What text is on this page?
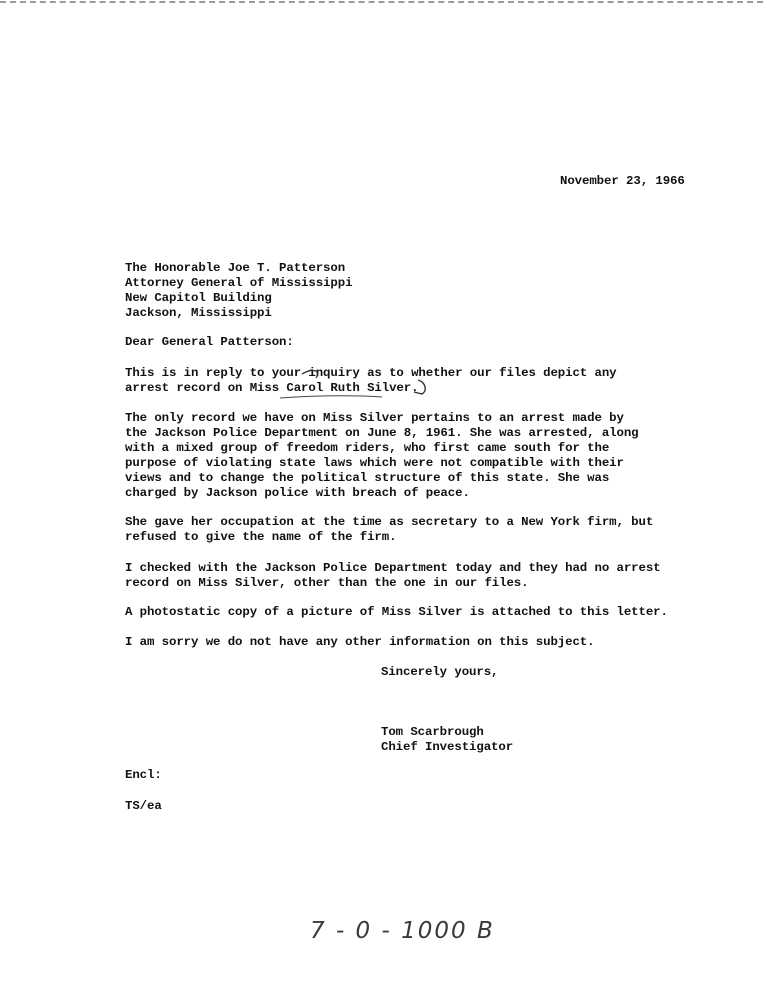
November 23, 1966
The Honorable Joe T. Patterson
Attorney General of Mississippi
New Capitol Building
Jackson, Mississippi
Dear General Patterson:
This is in reply to your inquiry as to whether our files depict any
arrest record on Miss Carol Ruth Silver.
The only record we have on Miss Silver pertains to an arrest made by
the Jackson Police Department on June 8, 1961. She was arrested, along
with a mixed group of freedom riders, who first came south for the
purpose of violating state laws which were not compatible with their
views and to change the political structure of this state. She was
charged by Jackson police with breach of peace.
She gave her occupation at the time as secretary to a New York firm, but
refused to give the name of the firm.
I checked with the Jackson Police Department today and they had no arrest
record on Miss Silver, other than the one in our files.
A photostatic copy of a picture of Miss Silver is attached to this letter.
I am sorry we do not have any other information on this subject.
Sincerely yours,
Tom Scarbrough
Chief Investigator
Encl:
TS/ea
7 - 0 - 1000 B
